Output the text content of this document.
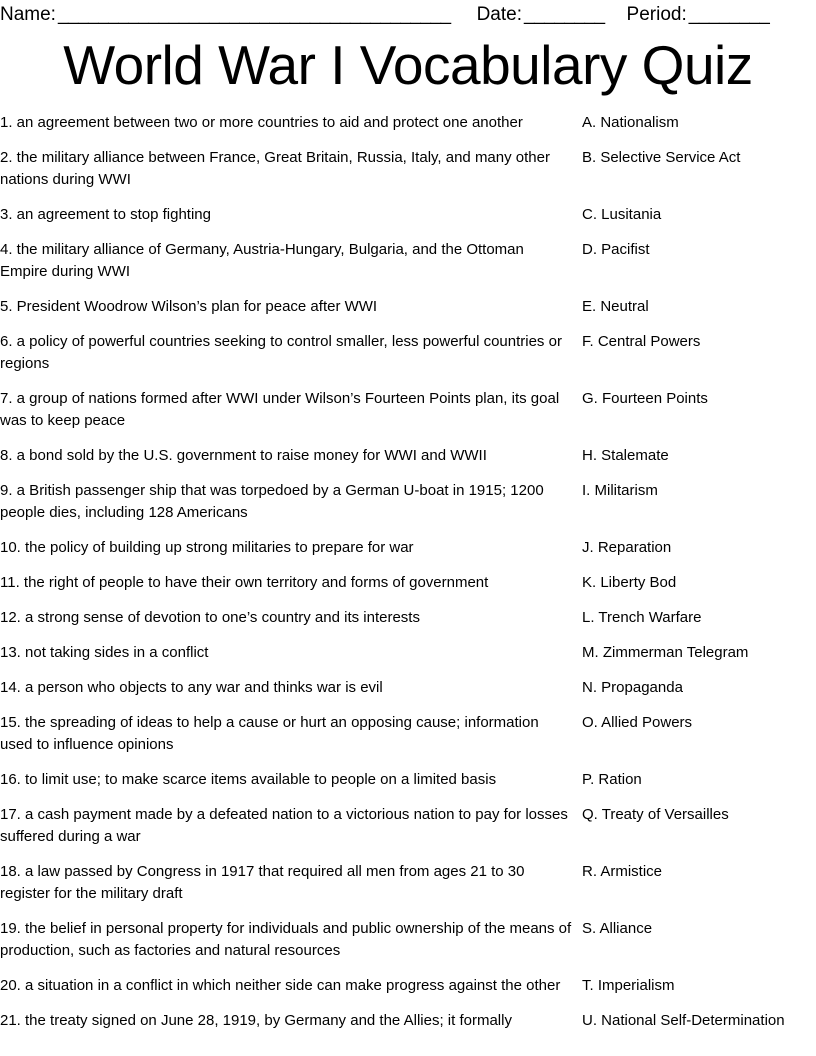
Name: _______________________________________ Date: ________ Period: ________
World War I Vocabulary Quiz
1. an agreement between two or more countries to aid and protect one another	A. Nationalism
2. the military alliance between France, Great Britain, Russia, Italy, and many other nations during WWI
B. Selective Service Act
3. an agreement to stop fighting	C. Lusitania
4. the military alliance of Germany, Austria-Hungary, Bulgaria, and the Ottoman Empire during WWI
D. Pacifist
5. President Woodrow Wilson’s plan for peace after WWI	E. Neutral
6. a policy of powerful countries seeking to control smaller, less powerful countries or regions
F. Central Powers
7. a group of nations formed after WWI under Wilson’s Fourteen Points plan, its goal was to keep peace
G. Fourteen Points
8. a bond sold by the U.S. government to raise money for WWI and WWII	H. Stalemate
9. a British passenger ship that was torpedoed by a German U-boat in 1915; 1200 people dies, including 128 Americans
I. Militarism
10. the policy of building up strong militaries to prepare for war	J. Reparation
11. the right of people to have their own territory and forms of government	K. Liberty Bod
12. a strong sense of devotion to one’s country and its interests	L. Trench Warfare
13. not taking sides in a conflict	M. Zimmerman Telegram
14. a person who objects to any war and thinks war is evil	N. Propaganda
15. the spreading of ideas to help a cause or hurt an opposing cause; information used to influence opinions
O. Allied Powers
16. to limit use; to make scarce items available to people on a limited basis	P. Ration
17. a cash payment made by a defeated nation to a victorious nation to pay for losses suffered during a war
Q. Treaty of Versailles
18. a law passed by Congress in 1917 that required all men from ages 21 to 30 register for the military draft
R. Armistice
19. the belief in personal property for individuals and public ownership of the means of production, such as factories and natural resources
S. Alliance
20. a situation in a conflict in which neither side can make progress against the other	T. Imperialism
21. the treaty signed on June 28, 1919, by Germany and the Allies; it formally	U. National Self-Determination
